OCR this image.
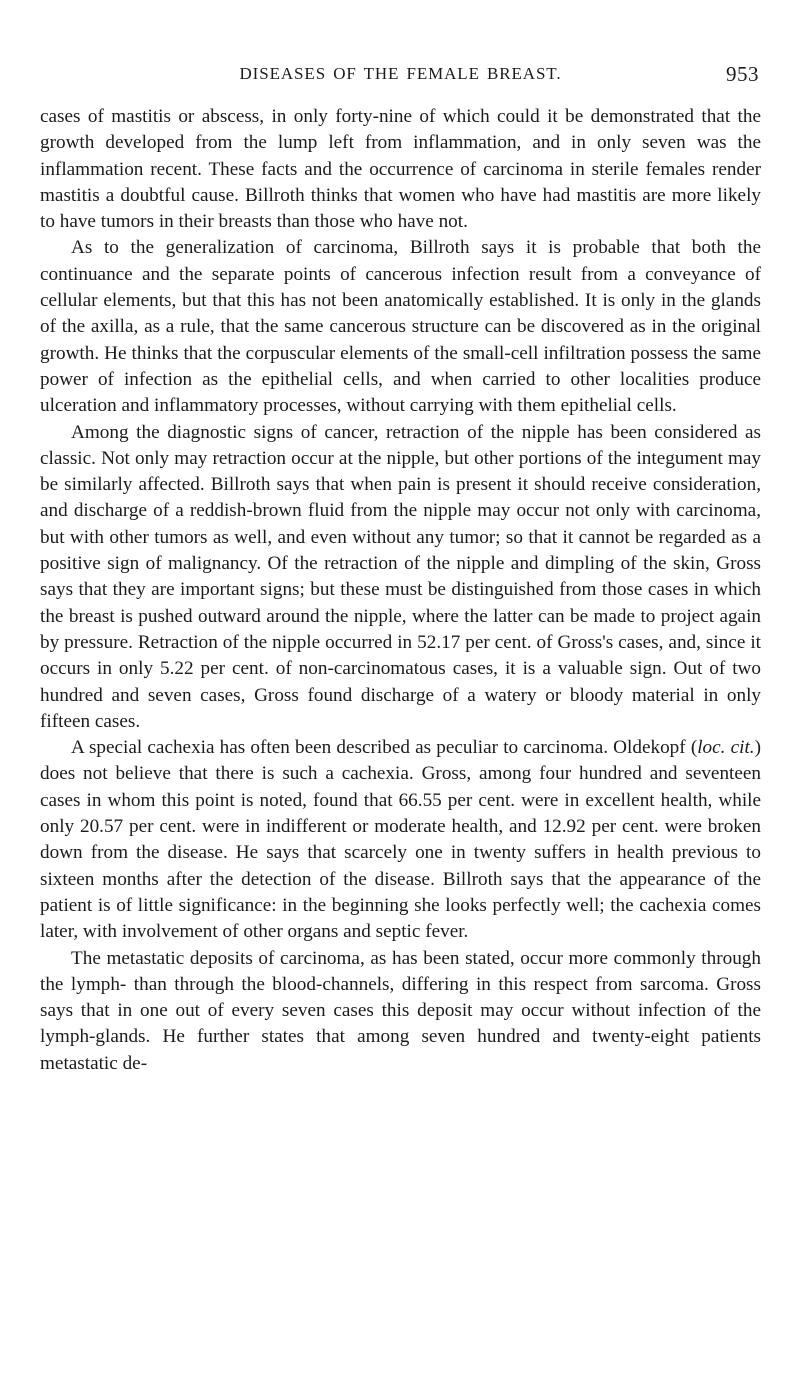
DISEASES OF THE FEMALE BREAST.	953

cases of mastitis or abscess, in only forty-nine of which could it be demonstrated that the growth developed from the lump left from inflammation, and in only seven was the inflammation recent. These facts and the occurrence of carcinoma in sterile females render mastitis a doubtful cause. Billroth thinks that women who have had mastitis are more likely to have tumors in their breasts than those who have not.

As to the generalization of carcinoma, Billroth says it is probable that both the continuance and the separate points of cancerous infection result from a conveyance of cellular elements, but that this has not been anatomically established. It is only in the glands of the axilla, as a rule, that the same cancerous structure can be discovered as in the original growth. He thinks that the corpuscular elements of the small-cell infiltration possess the same power of infection as the epithelial cells, and when carried to other localities produce ulceration and inflammatory processes, without carrying with them epithelial cells.

Among the diagnostic signs of cancer, retraction of the nipple has been considered as classic. Not only may retraction occur at the nipple, but other portions of the integument may be similarly affected. Billroth says that when pain is present it should receive consideration, and discharge of a reddish-brown fluid from the nipple may occur not only with carcinoma, but with other tumors as well, and even without any tumor; so that it cannot be regarded as a positive sign of malignancy. Of the retraction of the nipple and dimpling of the skin, Gross says that they are important signs; but these must be distinguished from those cases in which the breast is pushed outward around the nipple, where the latter can be made to project again by pressure. Retraction of the nipple occurred in 52.17 per cent. of Gross's cases, and, since it occurs in only 5.22 per cent. of non-carcinomatous cases, it is a valuable sign. Out of two hundred and seven cases, Gross found discharge of a watery or bloody material in only fifteen cases.

A special cachexia has often been described as peculiar to carcinoma. Oldekopf (loc. cit.) does not believe that there is such a cachexia. Gross, among four hundred and seventeen cases in whom this point is noted, found that 66.55 per cent. were in excellent health, while only 20.57 per cent. were in indifferent or moderate health, and 12.92 per cent. were broken down from the disease. He says that scarcely one in twenty suffers in health previous to sixteen months after the detection of the disease. Billroth says that the appearance of the patient is of little significance: in the beginning she looks perfectly well; the cachexia comes later, with involvement of other organs and septic fever.

The metastatic deposits of carcinoma, as has been stated, occur more commonly through the lymph- than through the blood-channels, differing in this respect from sarcoma. Gross says that in one out of every seven cases this deposit may occur without infection of the lymph-glands. He further states that among seven hundred and twenty-eight patients metastatic de-
